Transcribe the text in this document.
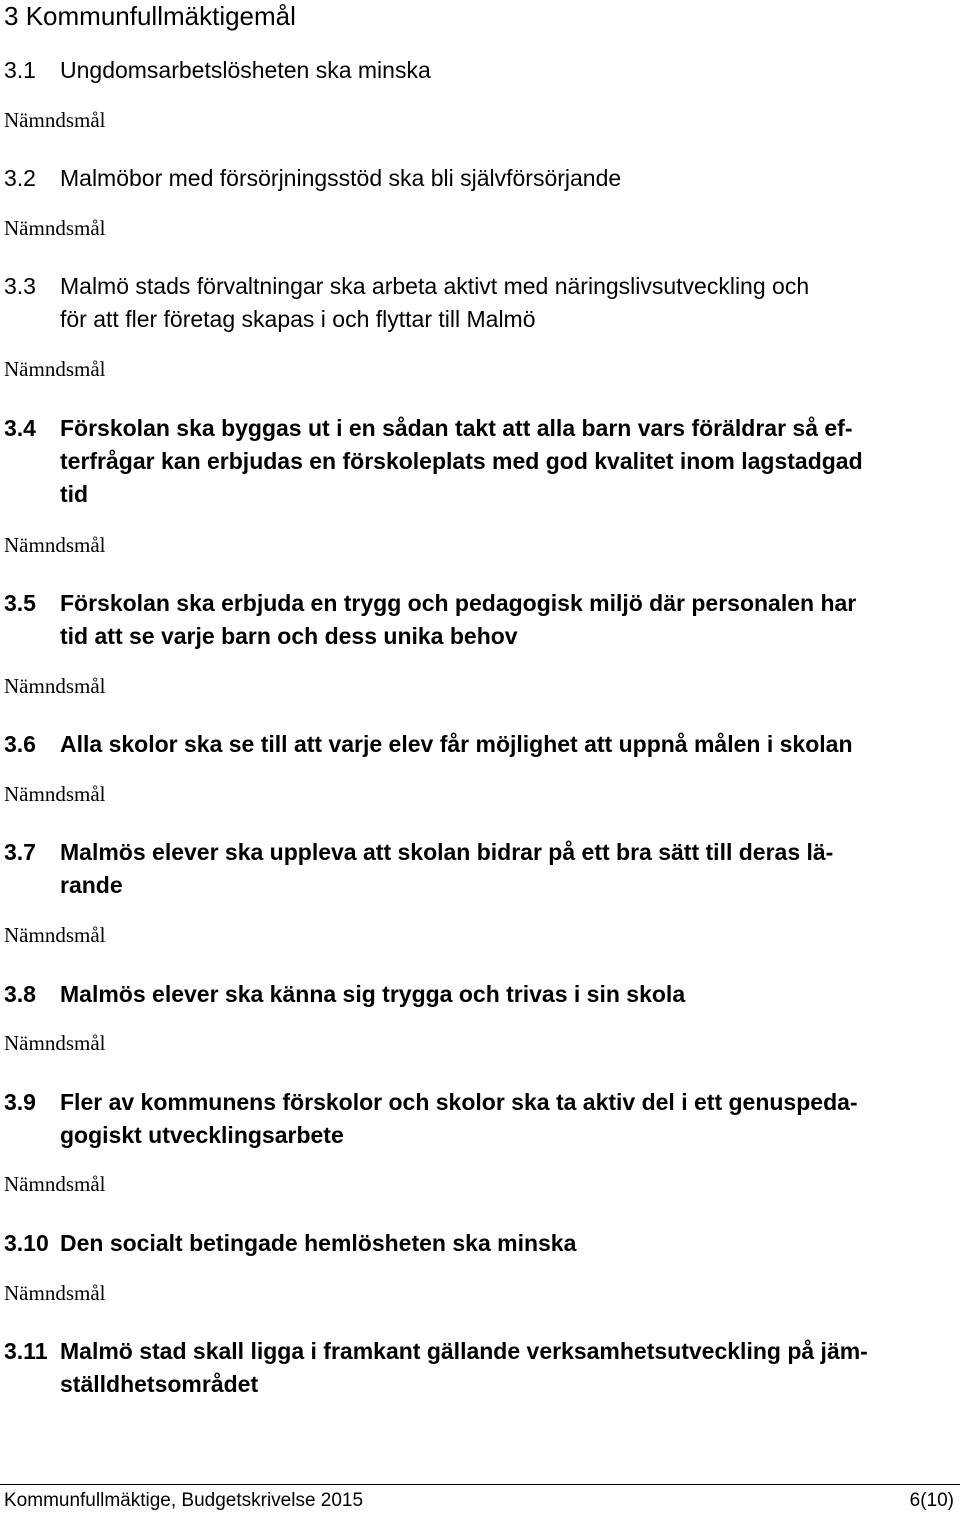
3 Kommunfullmäktigemål
3.1 Ungdomsarbetslösheten ska minska
Nämndsmål
3.2 Malmöbor med försörjningsstöd ska bli självförsörjande
Nämndsmål
3.3 Malmö stads förvaltningar ska arbeta aktivt med näringslivsutveckling och
för att fler företag skapas i och flyttar till Malmö
Nämndsmål
3.4 Förskolan ska byggas ut i en sådan takt att alla barn vars föräldrar så ef-
terfrågar kan erbjudas en förskoleplats med god kvalitet inom lagstadgad
tid
Nämndsmål
3.5 Förskolan ska erbjuda en trygg och pedagogisk miljö där personalen har
tid att se varje barn och dess unika behov
Nämndsmål
3.6 Alla skolor ska se till att varje elev får möjlighet att uppnå målen i skolan
Nämndsmål
3.7 Malmös elever ska uppleva att skolan bidrar på ett bra sätt till deras lä-
rande
Nämndsmål
3.8 Malmös elever ska känna sig trygga och trivas i sin skola
Nämndsmål
3.9 Fler av kommunens förskolor och skolor ska ta aktiv del i ett genuspeda-
gogiskt utvecklingsarbete
Nämndsmål
3.10 Den socialt betingade hemlösheten ska minska
Nämndsmål
3.11 Malmö stad skall ligga i framkant gällande verksamhetsutveckling på jäm-
ställdhetsområdet
Kommunfullmäktige, Budgetskrivelse 2015	6(10)
